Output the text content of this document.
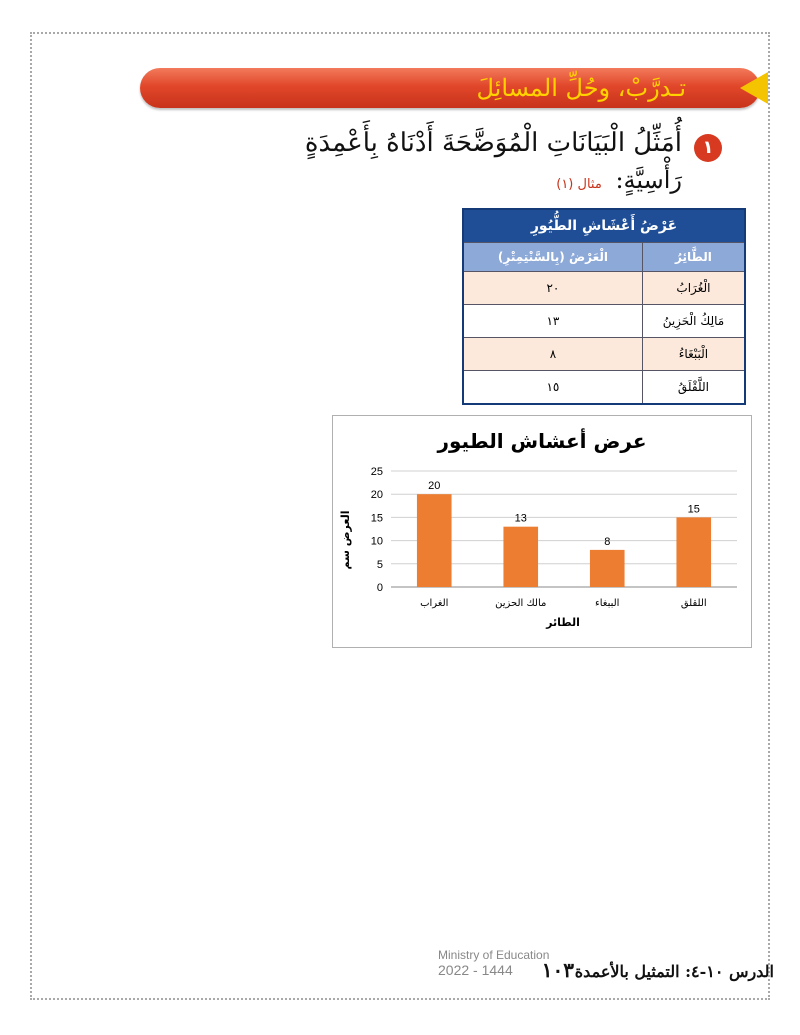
تـدرَّبْ، وحُلِّ المسائِلَ
١
أُمَثِّلُ الْبَيَانَاتِ الْمُوَضَّحَةَ أَدْنَاهُ بِأَعْمِدَةٍ
رَأْسِيَّةٍ: مثال (١)
عَرْضُ أَعْشَاشِ الطُّيُورِ	
الطَّائِرُ	الْعَرْضُ (بِالسَّنْتِمِتْرِ)
الْغُرَابُ	٢٠
مَالِكُ الْحَزِينُ	١٣
الْبَبْغَاءُ	٨
اللَّقْلَقُ	١٥
عرض أعشاش الطيور
الطائر
العرض سم
0
5
10
15
20
25
20
الغراب
13
مالك الحزين
8
الببغاء
15
اللقلق
Ministry of Education
2022 - 1444	الدرس ١٠-٤: التمثيل بالأعمدة
١٠٣
